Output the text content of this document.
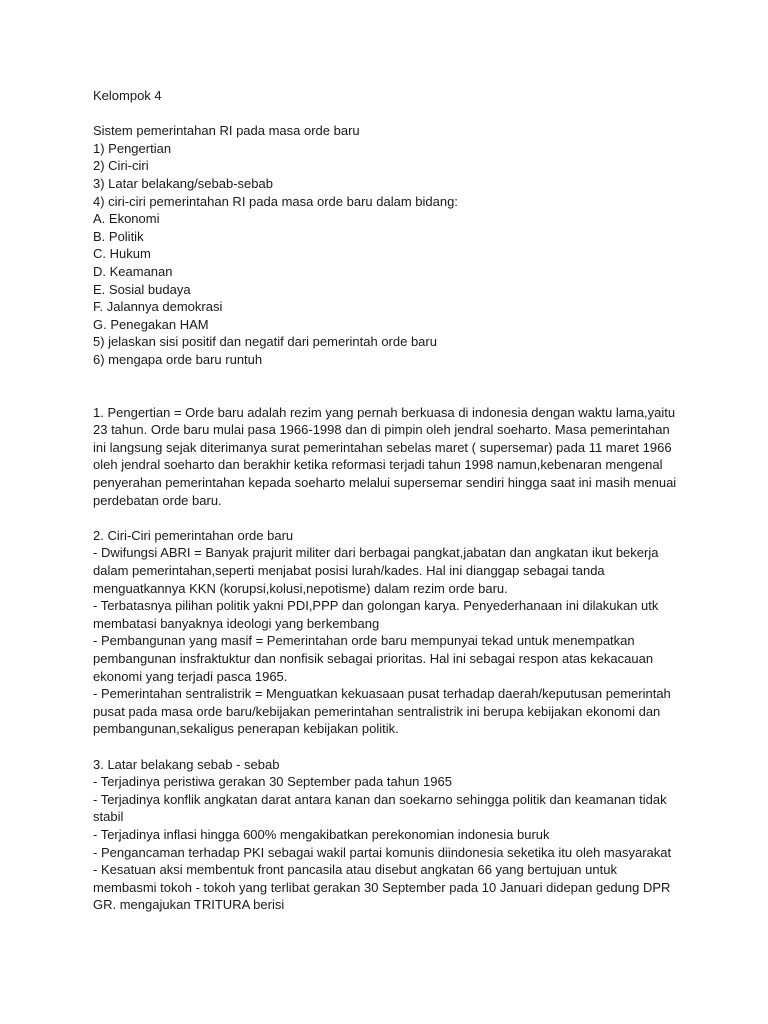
Kelompok 4
Sistem pemerintahan RI pada masa orde baru
1) Pengertian
2) Ciri-ciri
3) Latar belakang/sebab-sebab
4) ciri-ciri pemerintahan RI pada masa orde baru dalam bidang:
A. Ekonomi
B. Politik
C. Hukum
D. Keamanan
E. Sosial budaya
F. Jalannya demokrasi
G. Penegakan HAM
5) jelaskan sisi positif dan negatif dari pemerintah orde baru
6) mengapa orde baru runtuh
1. Pengertian = Orde baru adalah rezim yang pernah berkuasa di indonesia dengan waktu lama,yaitu 23 tahun. Orde baru mulai pasa 1966-1998 dan di pimpin oleh jendral soeharto. Masa pemerintahan ini langsung sejak diterimanya surat pemerintahan sebelas maret ( supersemar) pada 11 maret 1966 oleh jendral soeharto dan berakhir ketika reformasi terjadi tahun 1998 namun,kebenaran mengenal penyerahan pemerintahan kepada soeharto melalui supersemar sendiri hingga saat ini masih menuai perdebatan orde baru.
2. Ciri-Ciri pemerintahan orde baru
- Dwifungsi ABRI = Banyak prajurit militer dari berbagai pangkat,jabatan dan angkatan ikut bekerja dalam pemerintahan,seperti menjabat posisi lurah/kades. Hal ini dianggap sebagai tanda menguatkannya KKN (korupsi,kolusi,nepotisme) dalam rezim orde baru.
- Terbatasnya pilihan politik yakni PDI,PPP dan golongan karya. Penyederhanaan ini dilakukan utk membatasi banyaknya ideologi yang berkembang
- Pembangunan yang masif = Pemerintahan orde baru mempunyai tekad untuk menempatkan pembangunan insfraktuktur dan nonfisik sebagai prioritas. Hal ini sebagai respon atas kekacauan ekonomi yang terjadi pasca 1965.
- Pemerintahan sentralistrik = Menguatkan kekuasaan pusat terhadap daerah/keputusan pemerintah pusat pada masa orde baru/kebijakan pemerintahan sentralistrik ini berupa kebijakan ekonomi dan pembangunan,sekaligus penerapan kebijakan politik.
3. Latar belakang sebab - sebab
- Terjadinya peristiwa gerakan 30 September pada tahun 1965
- Terjadinya konflik angkatan darat antara kanan dan soekarno sehingga politik dan keamanan tidak stabil
- Terjadinya inflasi hingga 600% mengakibatkan perekonomian indonesia buruk
- Pengancaman terhadap PKI sebagai wakil partai komunis diindonesia seketika itu oleh masyarakat
- Kesatuan aksi membentuk front pancasila atau disebut angkatan 66 yang bertujuan untuk membasmi tokoh - tokoh yang terlibat gerakan 30 September pada 10 Januari didepan gedung DPR GR. mengajukan TRITURA berisi
